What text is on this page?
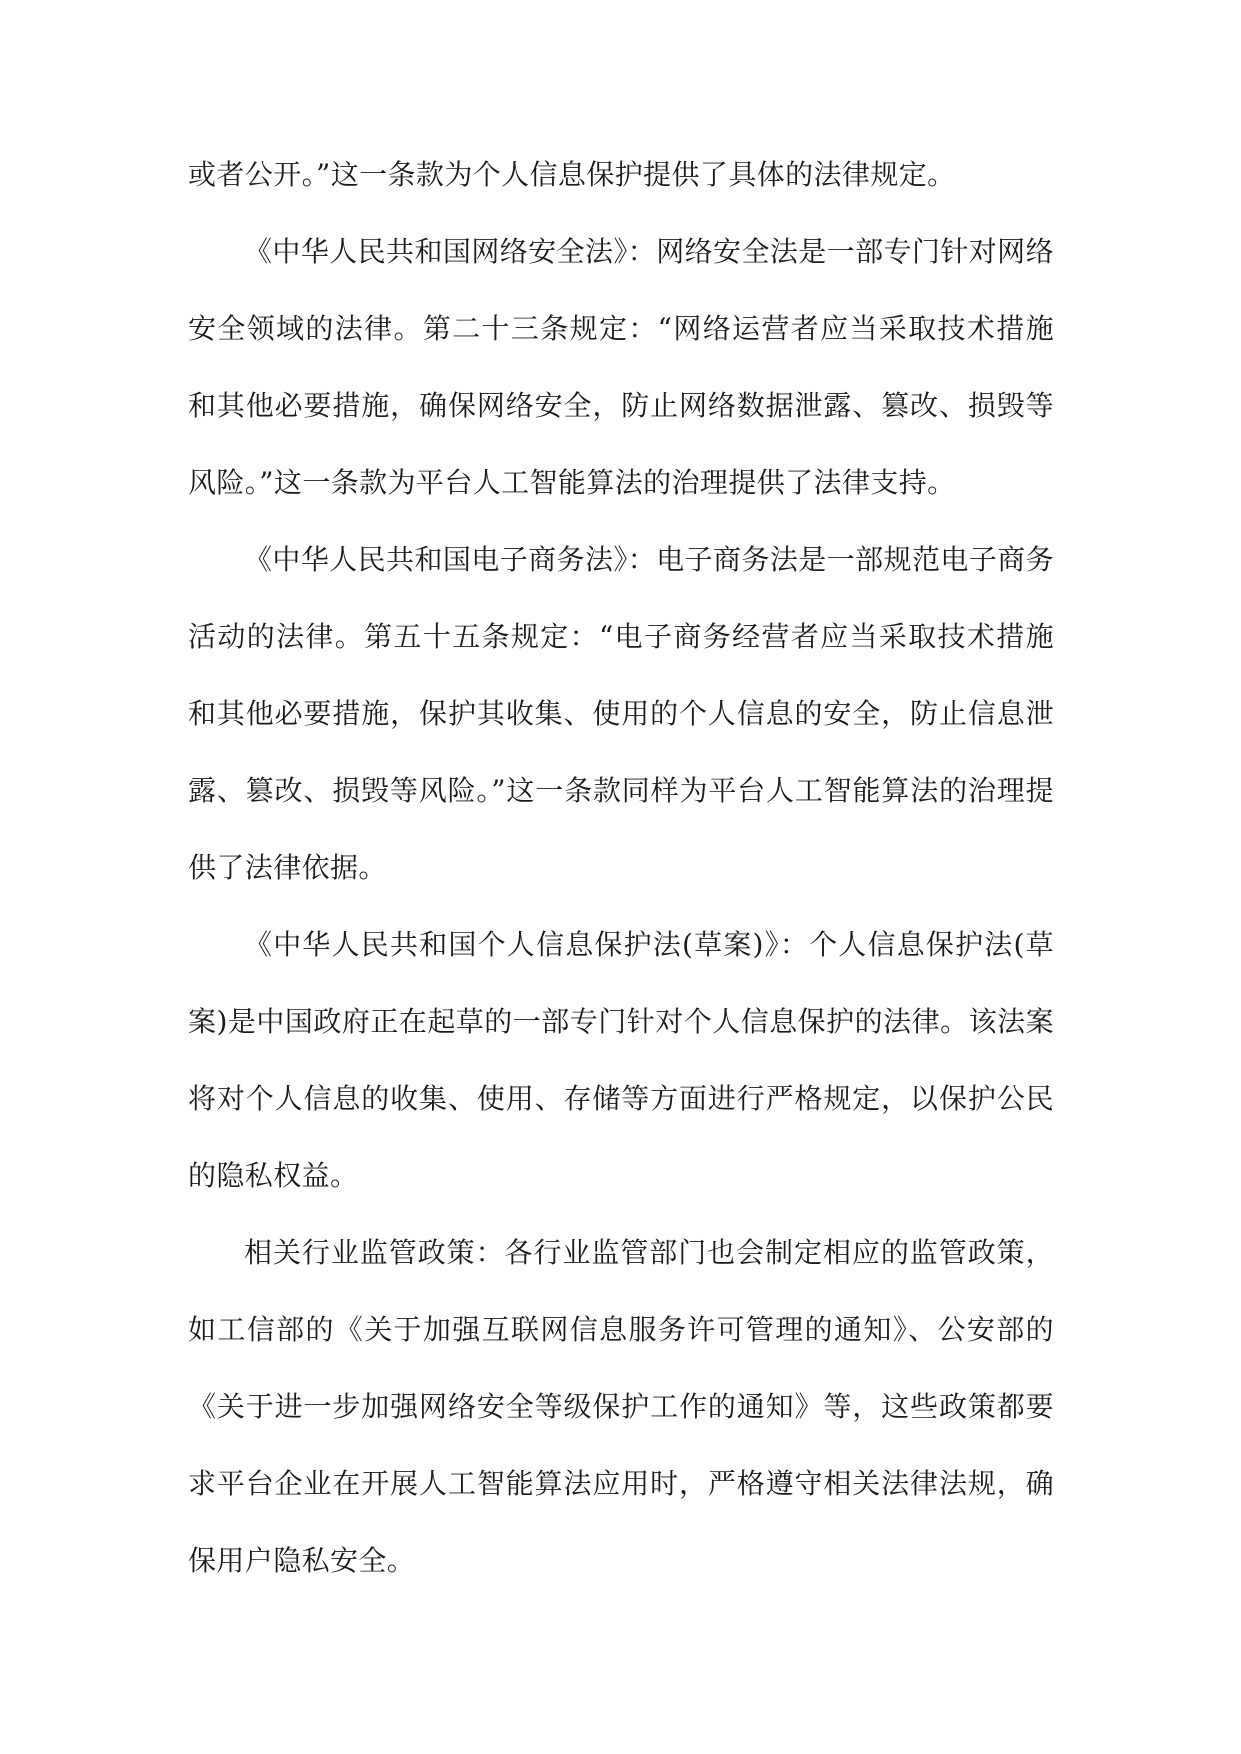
或者公开。”这一条款为个人信息保护提供了具体的法律规定。

《中华人民共和国网络安全法》：网络安全法是一部专门针对网络安全领域的法律。第二十三条规定：“网络运营者应当采取技术措施和其他必要措施，确保网络安全，防止网络数据泄露、篡改、损毁等风险。”这一条款为平台人工智能算法的治理提供了法律支持。

《中华人民共和国电子商务法》：电子商务法是一部规范电子商务活动的法律。第五十五条规定：“电子商务经营者应当采取技术措施和其他必要措施，保护其收集、使用的个人信息的安全，防止信息泄露、篡改、损毁等风险。”这一条款同样为平台人工智能算法的治理提供了法律依据。

《中华人民共和国个人信息保护法(草案)》：个人信息保护法(草案)是中国政府正在起草的一部专门针对个人信息保护的法律。该法案将对个人信息的收集、使用、存储等方面进行严格规定，以保护公民的隐私权益。

相关行业监管政策：各行业监管部门也会制定相应的监管政策，如工信部的《关于加强互联网信息服务许可管理的通知》、公安部的《关于进一步加强网络安全等级保护工作的通知》等，这些政策都要求平台企业在开展人工智能算法应用时，严格遵守相关法律法规，确保用户隐私安全。
